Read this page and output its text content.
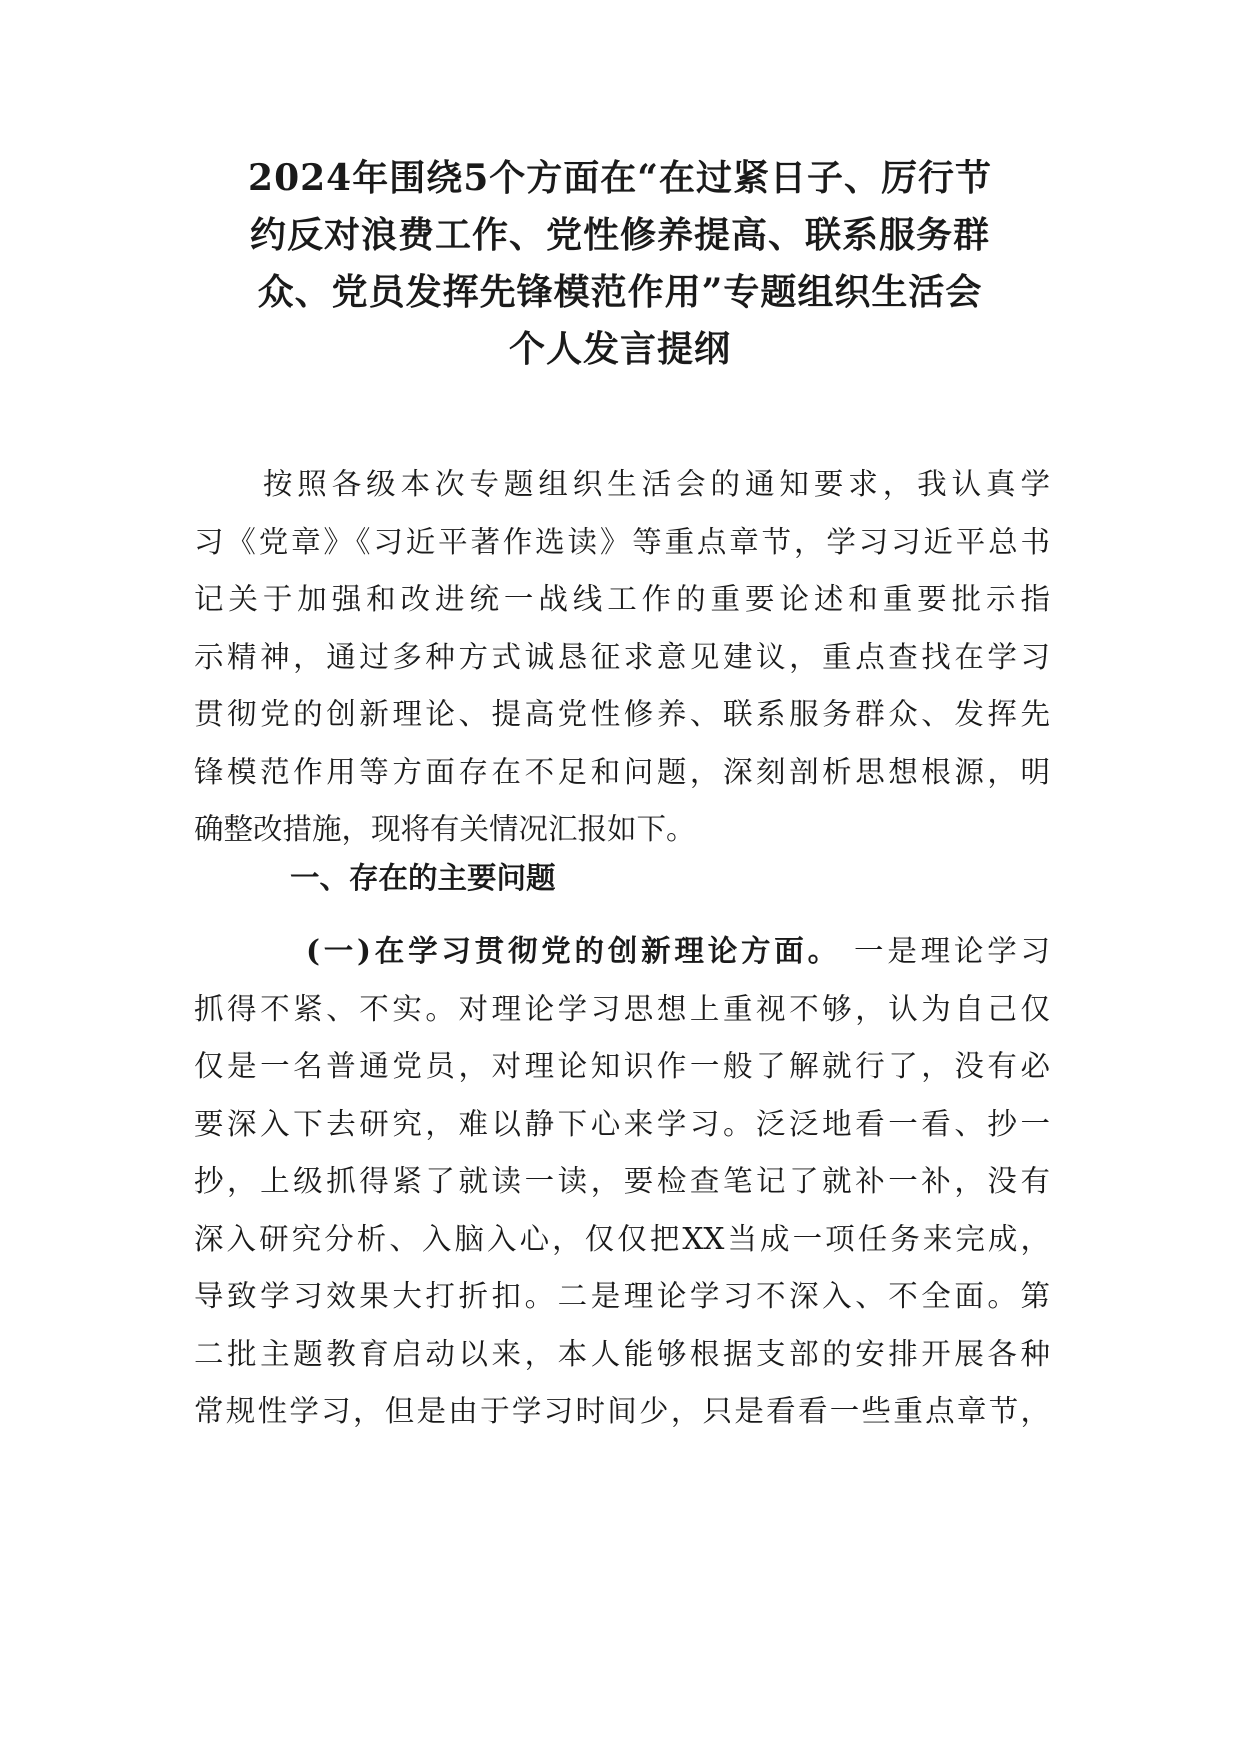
2024年围绕5个方面在“在过紧日子、厉行节
约反对浪费工作、党性修养提高、联系服务群
众、党员发挥先锋模范作用”专题组织生活会
个人发言提纲

　　按照各级本次专题组织生活会的通知要求，我认真学
习《党章》《习近平著作选读》等重点章节，学习习近平总书
记关于加强和改进统一战线工作的重要论述和重要批示指
示精神，通过多种方式诚恳征求意见建议，重点查找在学习
贯彻党的创新理论、提高党性修养、联系服务群众、发挥先
锋模范作用等方面存在不足和问题，深刻剖析思想根源，明
确整改措施，现将有关情况汇报如下。

一、存在的主要问题

(一)在学习贯彻党的创新理论方面。 一是理论学习
抓得不紧、不实。对理论学习思想上重视不够，认为自己仅
仅是一名普通党员，对理论知识作一般了解就行了，没有必
要深入下去研究，难以静下心来学习。泛泛地看一看、抄一
抄，上级抓得紧了就读一读，要检查笔记了就补一补，没有
深入研究分析、入脑入心，仅仅把XX当成一项任务来完成，
导致学习效果大打折扣。二是理论学习不深入、不全面。第
二批主题教育启动以来，本人能够根据支部的安排开展各种
常规性学习，但是由于学习时间少，只是看看一些重点章节，
